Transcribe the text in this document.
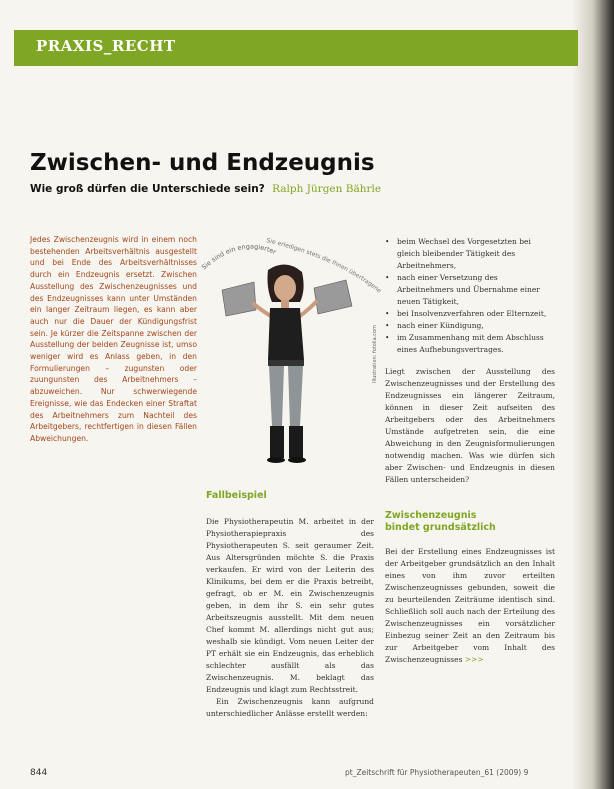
PRAXIS_RECHT
Zwischen- und Endzeugnis
Wie groß dürfen die Unterschiede sein? Ralph Jürgen Bährle

Jedes Zwischenzeugnis wird in einem noch bestehenden Arbeitsverhältnis ausgestellt und bei Ende des Arbeitsverhältnisses durch ein Endzeugnis ersetzt. Zwischen Ausstellung des Zwischenzeugnisses und des Endzeugnisses kann unter Umständen ein langer Zeitraum liegen, es kann aber auch nur die Dauer der Kündigungsfrist sein. Je kürzer die Zeitspanne zwischen der Ausstellung der beiden Zeugnisse ist, umso weniger wird es Anlass geben, in den Formulierungen – zugunsten oder zuungunsten des Arbeitnehmers – abzuweichen. Nur schwerwiegende Ereignisse, wie das Endecken einer Straftat des Arbeitnehmers zum Nachteil des Arbeitgebers, rechtfertigen in diesen Fällen Abweichungen.

Sie sind ein engagierter
Sie erledigen stets die Ihnen übertragene
Illustration: fotolia.com
Fallbeispiel

Die Physiotherapeutin M. arbeitet in der Physiotherapiepraxis des Physiotherapeuten S. seit geraumer Zeit. Aus Altersgründen möchte S. die Praxis verkaufen. Er wird von der Leiterin des Klinikums, bei dem er die Praxis betreibt, gefragt, ob er M. ein Zwischenzeugnis geben, in dem ihr S. ein sehr gutes Arbeitszeugnis ausstellt. Mit dem neuen Chef kommt M. allerdings nicht gut aus; weshalb sie kündigt. Vom neuen Leiter der PT erhält sie ein Endzeugnis, das erheblich schlechter ausfällt als das Zwischenzeugnis. M. beklagt das Endzeugnis und klagt zum Rechtsstreit.

Ein Zwischenzeugnis kann aufgrund unterschiedlicher Anlässe erstellt werden:

• beim Wechsel des Vorgesetzten bei gleich bleibender Tätigkeit des Arbeitnehmers,
• nach einer Versetzung des Arbeitnehmers und Übernahme einer neuen Tätigkeit,
• bei Insolvenzverfahren oder Elternzeit,
• nach einer Kündigung,
• im Zusammenhang mit dem Abschluss eines Aufhebungsvertrages.

Liegt zwischen der Ausstellung des Zwischenzeugnisses und der Erstellung des Endzeugnisses ein längerer Zeitraum, können in dieser Zeit aufseiten des Arbeitgebers oder des Arbeitnehmers Umstände aufgetreten sein, die eine Abweichung in den Zeugnisformulierungen notwendig machen. Was wie dürfen sich aber Zwischen- und Endzeugnis in diesen Fällen unterscheiden?

Zwischenzeugnis
bindet grundsätzlich

Bei der Erstellung eines Endzeugnisses ist der Arbeitgeber grundsätzlich an den Inhalt eines von ihm zuvor erteilten Zwischenzeugnisses gebunden, soweit die zu beurteilenden Zeiträume identisch sind. Schließlich soll auch nach der Erteilung des Zwischenzeugnisses ein vorsätzlicher Einbezug seiner Zeit an den Zeitraum bis zur Arbeitgeber vom Inhalt des Zwischenzeugnisses >>>

844	pt_Zeitschrift für Physiotherapeuten_61 (2009) 9
